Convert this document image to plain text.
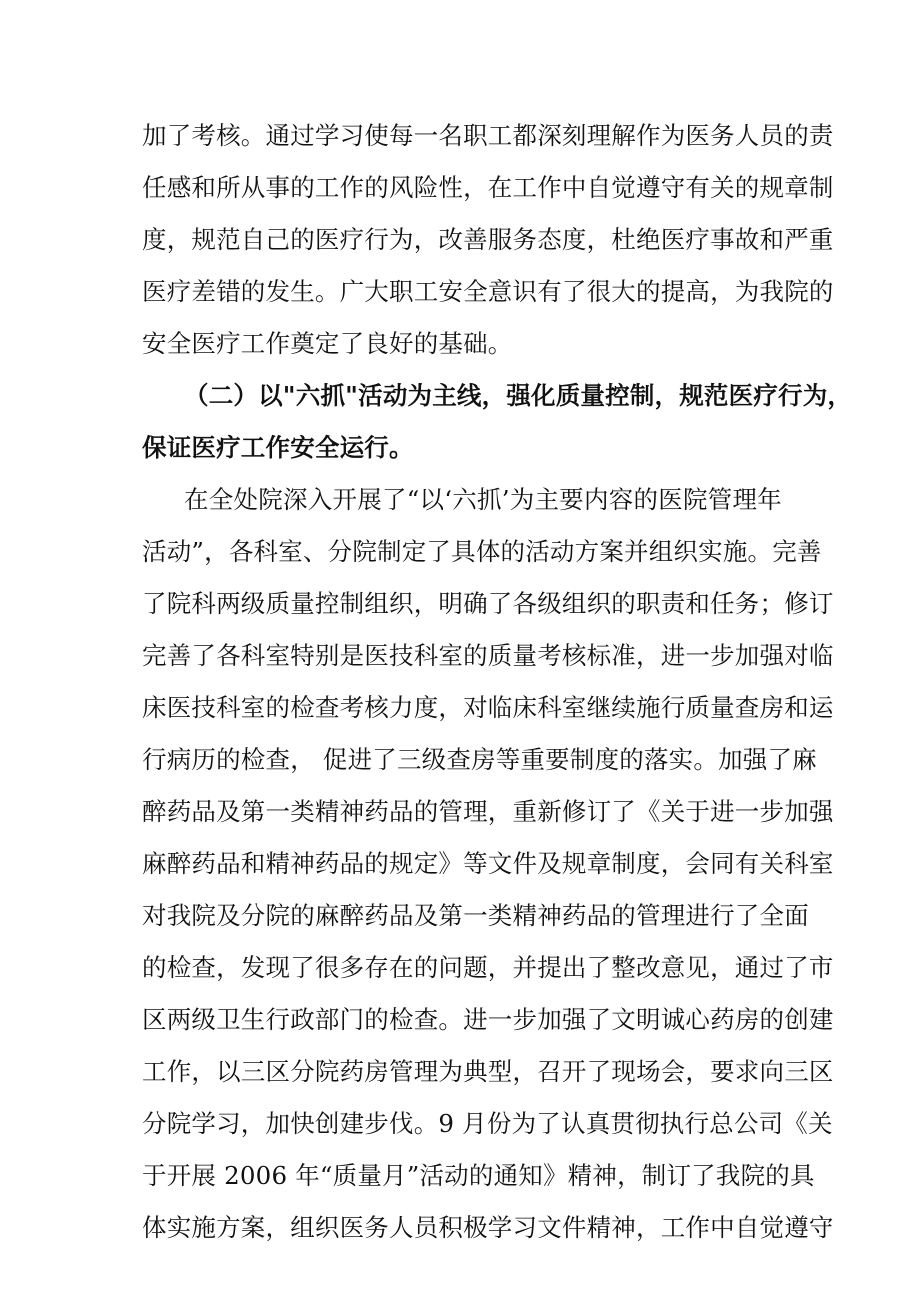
加了考核。通过学习使每一名职工都深刻理解作为医务人员的责
任感和所从事的工作的风险性，在工作中自觉遵守有关的规章制
度，规范自己的医疗行为，改善服务态度，杜绝医疗事故和严重
医疗差错的发生。广大职工安全意识有了很大的提高，为我院的
安全医疗工作奠定了良好的基础。
（二）以"六抓"活动为主线，强化质量控制，规范医疗行为，
保证医疗工作安全运行。
在全处院深入开展了“以‘六抓’为主要内容的医院管理年
活动”，各科室、分院制定了具体的活动方案并组织实施。完善
了院科两级质量控制组织，明确了各级组织的职责和任务；修订
完善了各科室特别是医技科室的质量考核标准，进一步加强对临
床医技科室的检查考核力度，对临床科室继续施行质量查房和运
行病历的检查， 促进了三级查房等重要制度的落实。加强了麻
醉药品及第一类精神药品的管理，重新修订了《关于进一步加强
麻醉药品和精神药品的规定》等文件及规章制度，会同有关科室
对我院及分院的麻醉药品及第一类精神药品的管理进行了全面
的检查，发现了很多存在的问题，并提出了整改意见，通过了市
区两级卫生行政部门的检查。进一步加强了文明诚心药房的创建
工作，以三区分院药房管理为典型，召开了现场会，要求向三区
分院学习，加快创建步伐。9 月份为了认真贯彻执行总公司《关
于开展 2006 年“质量月”活动的通知》精神，制订了我院的具
体实施方案，组织医务人员积极学习文件精神，工作中自觉遵守
